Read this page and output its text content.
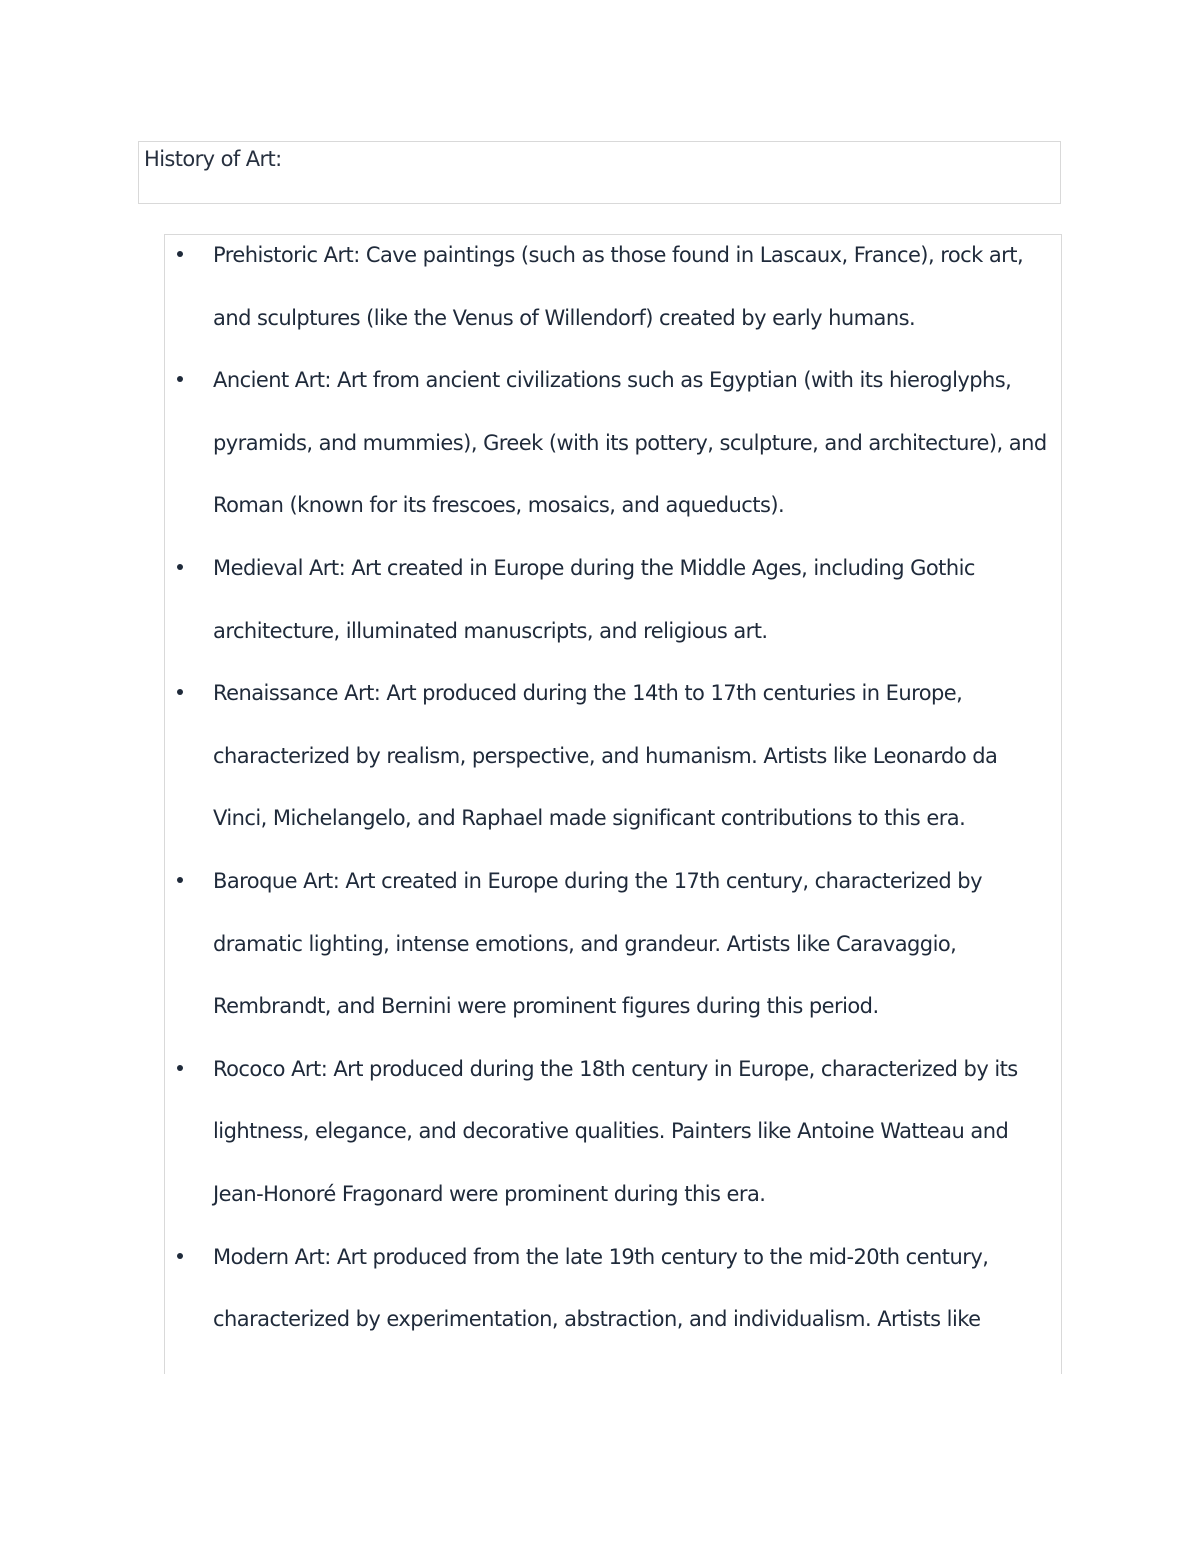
History of Art:
Prehistoric Art: Cave paintings (such as those found in Lascaux, France), rock art, and sculptures (like the Venus of Willendorf) created by early humans.
Ancient Art: Art from ancient civilizations such as Egyptian (with its hieroglyphs, pyramids, and mummies), Greek (with its pottery, sculpture, and architecture), and Roman (known for its frescoes, mosaics, and aqueducts).
Medieval Art: Art created in Europe during the Middle Ages, including Gothic architecture, illuminated manuscripts, and religious art.
Renaissance Art: Art produced during the 14th to 17th centuries in Europe, characterized by realism, perspective, and humanism. Artists like Leonardo da Vinci, Michelangelo, and Raphael made significant contributions to this era.
Baroque Art: Art created in Europe during the 17th century, characterized by dramatic lighting, intense emotions, and grandeur. Artists like Caravaggio, Rembrandt, and Bernini were prominent figures during this period.
Rococo Art: Art produced during the 18th century in Europe, characterized by its lightness, elegance, and decorative qualities. Painters like Antoine Watteau and Jean-Honoré Fragonard were prominent during this era.
Modern Art: Art produced from the late 19th century to the mid-20th century, characterized by experimentation, abstraction, and individualism. Artists like
